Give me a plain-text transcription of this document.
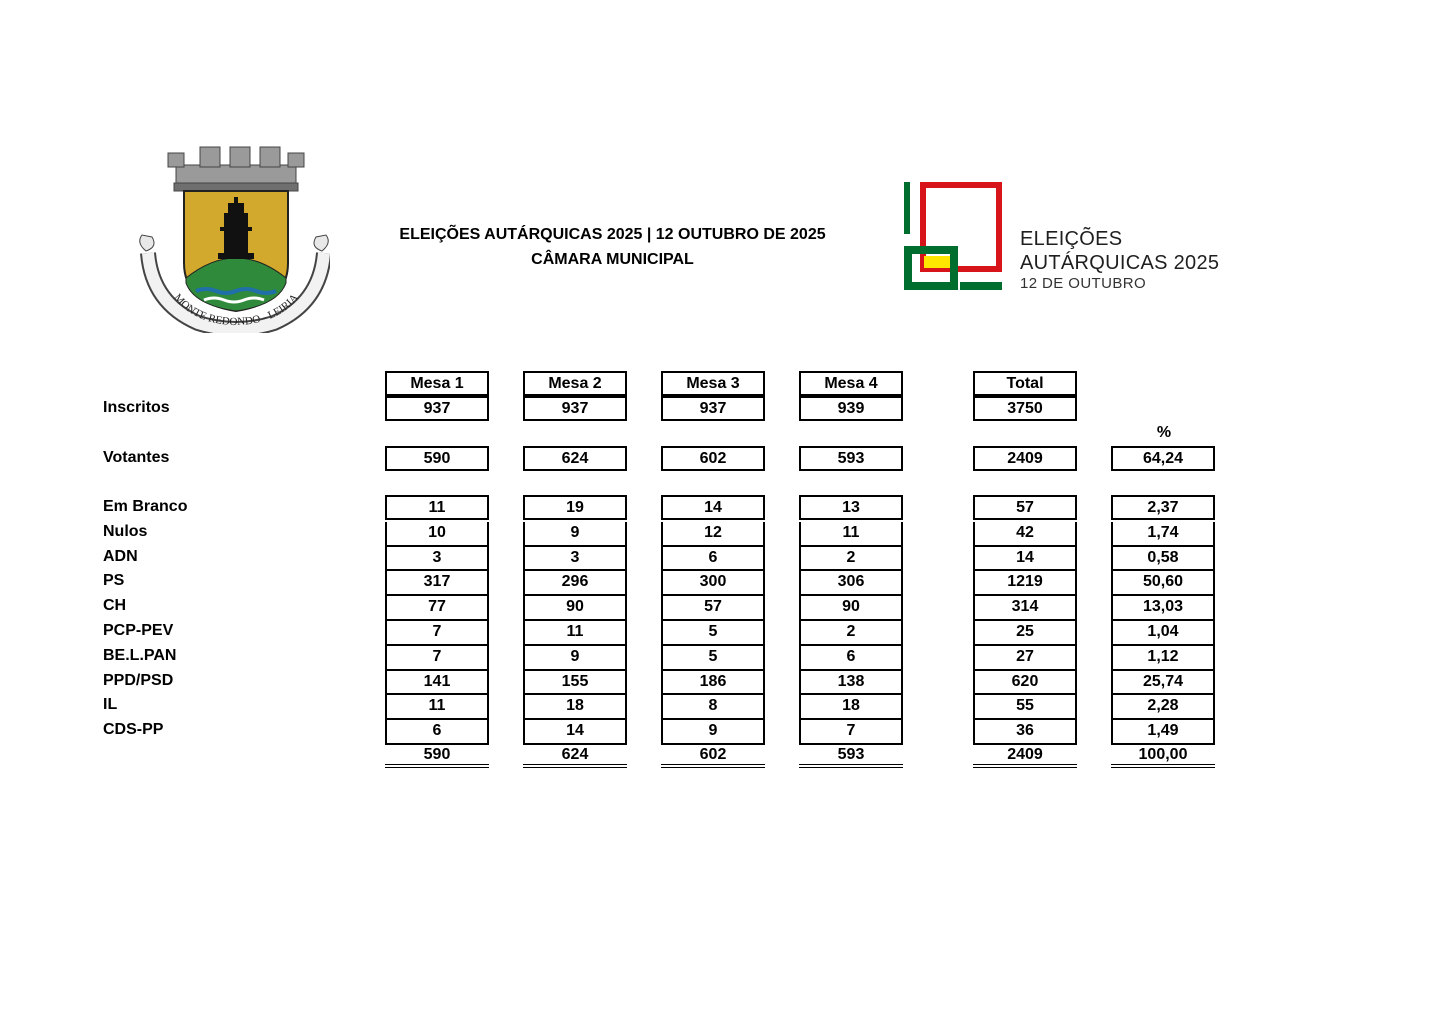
MONTE REDONDO - LEIRIA
ELEIÇÕES AUTÁRQUICAS 2025 | 12 OUTUBRO DE 2025
CÂMARA MUNICIPAL
ELEIÇÕES
AUTÁRQUICAS 2025
12 DE OUTUBRO
Mesa 1	Mesa 2	Mesa 3	Mesa 4	Total
Inscritos	937	937	937	939	3750
%
Votantes	590	624	602	593	2409	64,24
Em Branco	11	19	14	13	57	2,37
Nulos	10	9	12	11	42	1,74
ADN	3	3	6	2	14	0,58
PS	317	296	300	306	1219	50,60
CH	77	90	57	90	314	13,03
PCP-PEV	7	11	5	2	25	1,04
BE.L.PAN	7	9	5	6	27	1,12
PPD/PSD	141	155	186	138	620	25,74
IL	11	18	8	18	55	2,28
CDS-PP	6	14	9	7	36	1,49
590	624	602	593	2409	100,00
